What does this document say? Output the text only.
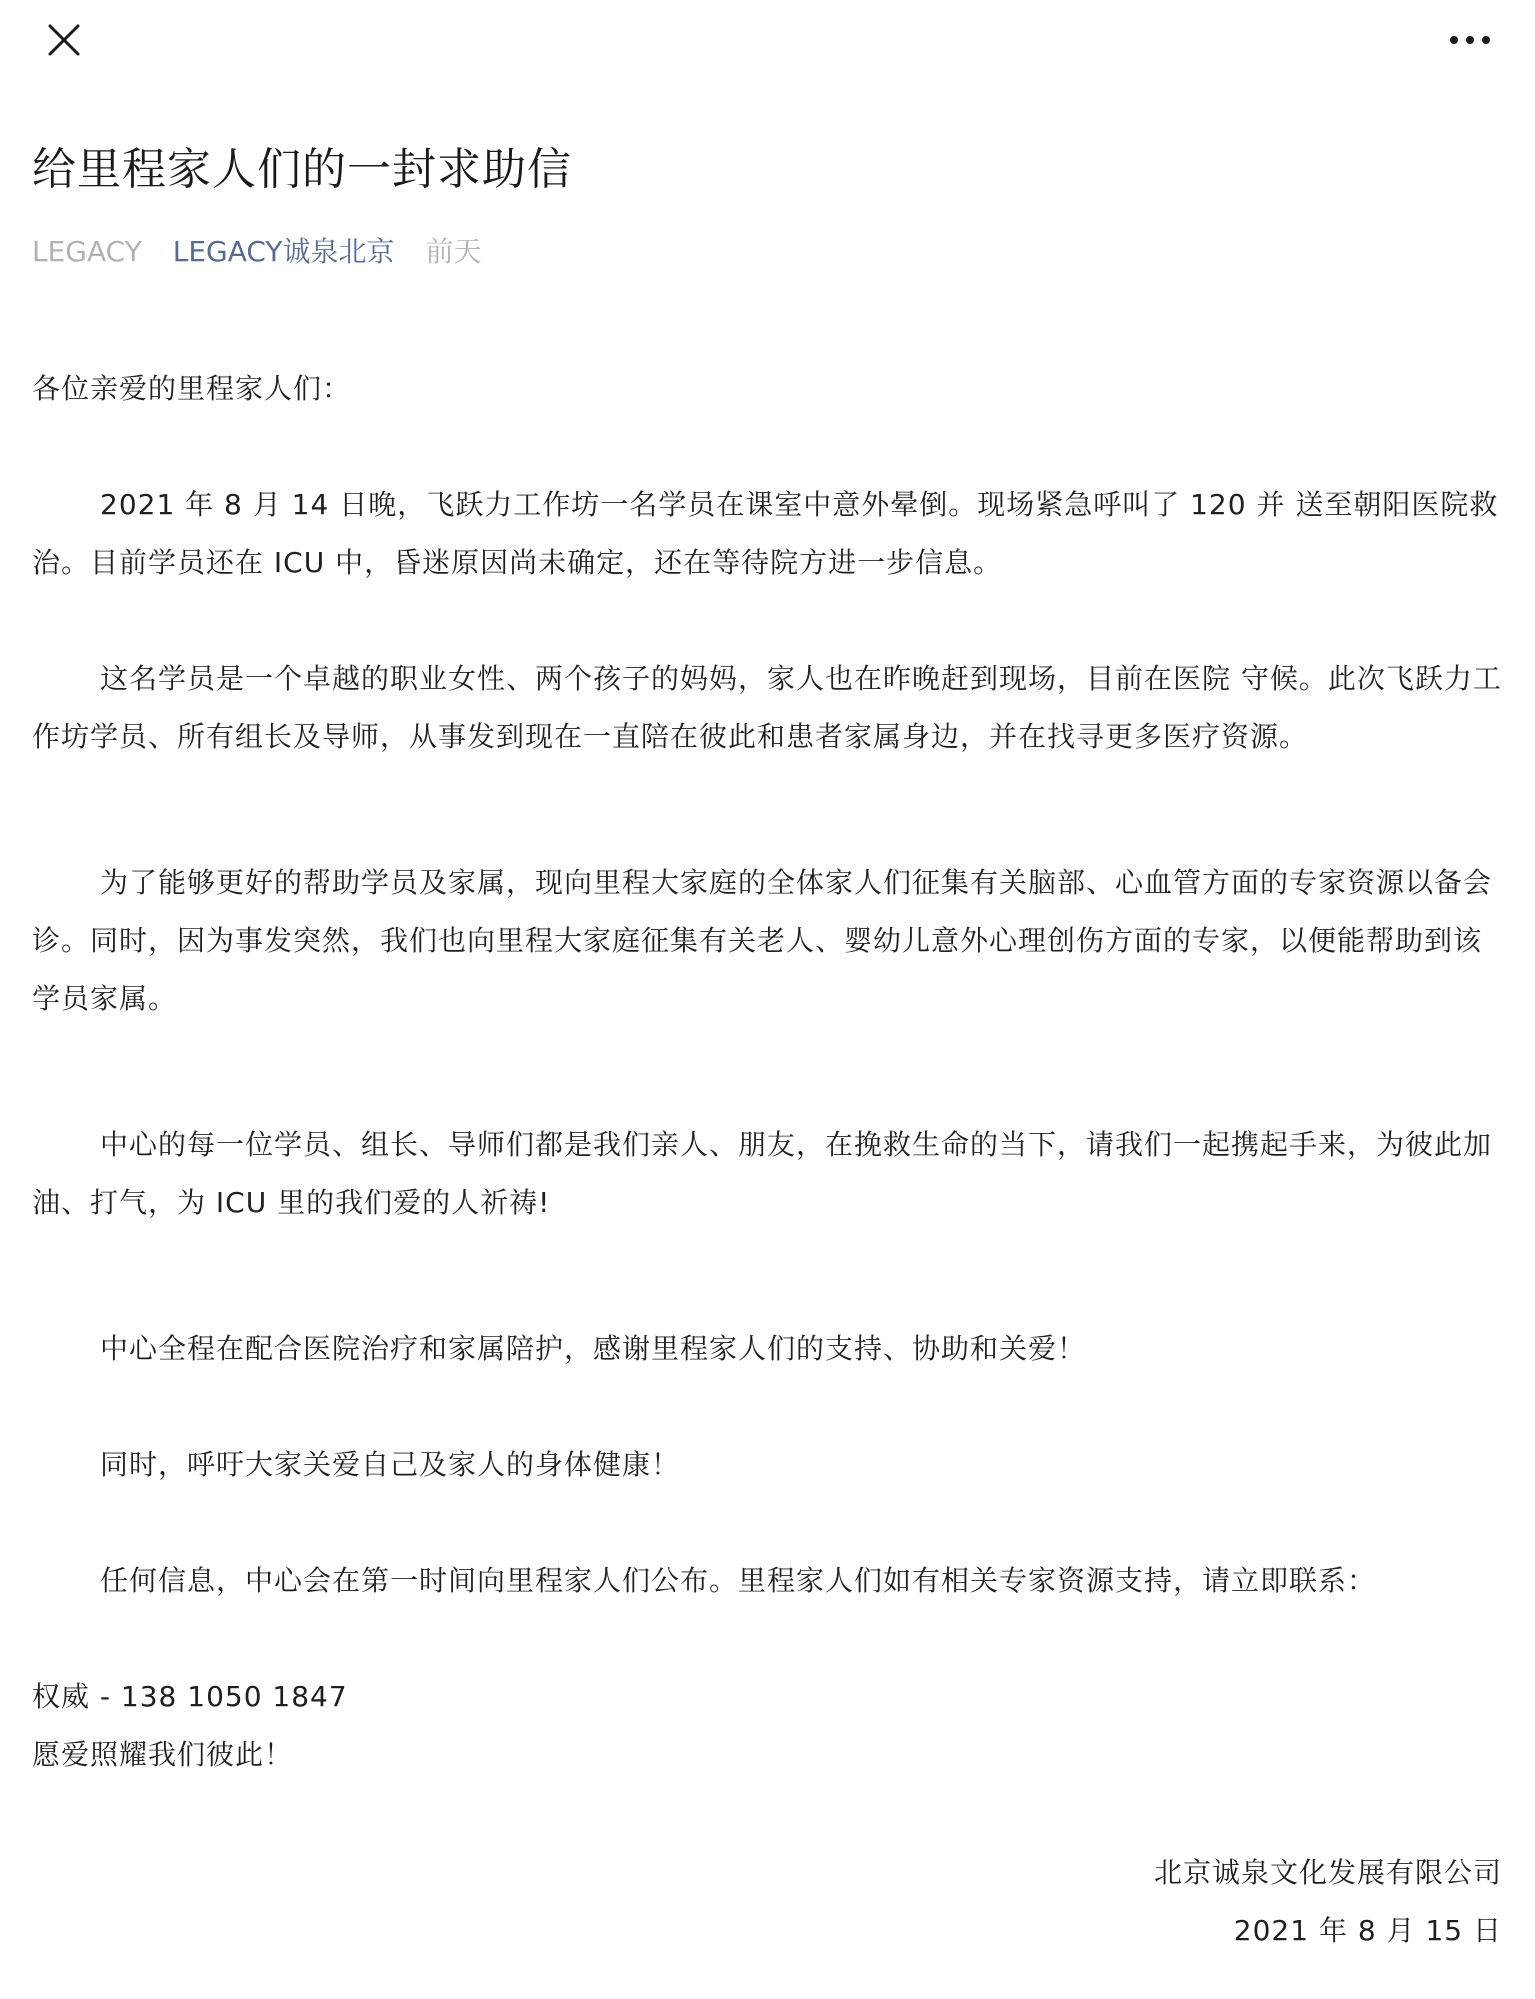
给里程家人们的一封求助信
LEGACY LEGACY诚泉北京 前天

各位亲爱的里程家人们：

2021 年 8 月 14 日晚，飞跃力工作坊一名学员在课室中意外晕倒。现场紧急呼叫了 120 并 送至朝阳医院救治。目前学员还在 ICU 中，昏迷原因尚未确定，还在等待院方进一步信息。

这名学员是一个卓越的职业女性、两个孩子的妈妈，家人也在昨晚赶到现场，目前在医院 守候。此次飞跃力工作坊学员、所有组长及导师，从事发到现在一直陪在彼此和患者家属身边，并在找寻更多医疗资源。

为了能够更好的帮助学员及家属，现向里程大家庭的全体家人们征集有关脑部、心血管方面的专家资源以备会诊。同时，因为事发突然，我们也向里程大家庭征集有关老人、婴幼儿意外心理创伤方面的专家，以便能帮助到该学员家属。

中心的每一位学员、组长、导师们都是我们亲人、朋友，在挽救生命的当下，请我们一起携起手来，为彼此加油、打气，为 ICU 里的我们爱的人祈祷!

中心全程在配合医院治疗和家属陪护，感谢里程家人们的支持、协助和关爱！

同时，呼吁大家关爱自己及家人的身体健康！

任何信息，中心会在第一时间向里程家人们公布。里程家人们如有相关专家资源支持，请立即联系：

权威 - 138 1050 1847

愿爱照耀我们彼此！

北京诚泉文化发展有限公司

2021 年 8 月 15 日
